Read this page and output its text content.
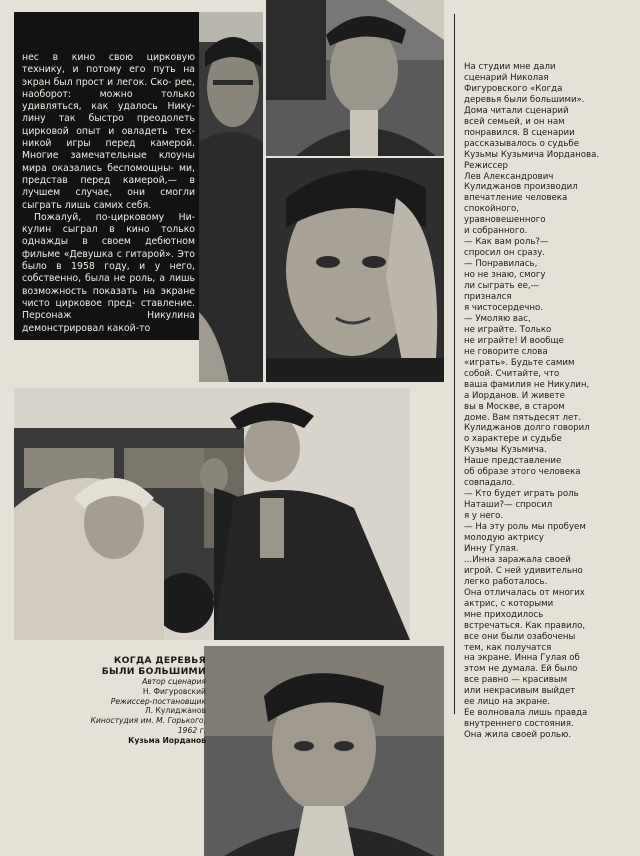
нес в кино свою цирковую технику, и потому его путь на экран был прост и легок. Ско- рее, наоборот: можно только удивляться, как удалось Нику- лину так быстро преодолеть цирковой опыт и овладеть тех- никой игры перед камерой. Многие замечательные клоуны мира оказались беспомощны- ми, представ перед камерой,— в лучшем случае, они смогли сыграть лишь самих себя.

Пожалуй, по-цирковому Ни- кулин сыграл в кино только однажды в своем дебютном фильме «Девушка с гитарой». Это было в 1958 году, и у него, собственно, была не роль, а лишь возможность показать на экране чисто цирковое пред- ставление. Персонаж Никулина демонстрировал какой-то

На студии мне дали
сценарий Николая
Фигуровского «Когда
деревья были большими».
Дома читали сценарий
всей семьей, и он нам
понравился. В сценарии
рассказывалось о судьбе
Кузьмы Кузьмича Иорданова.
Режиссер
Лев Александрович
Кулиджанов производил
впечатление человека
спокойного,
уравновешенного
и собранного.
— Как вам роль?—
спросил он сразу.
— Понравилась,
но не знаю, смогу
ли сыграть ее,—
признался
я чистосердечно.
— Умоляю вас,
не играйте. Только
не играйте! И вообще
не говорите слова
«играть». Будьте самим
собой. Считайте, что
ваша фамилия не Никулин,
а Иорданов. И живете
вы в Москве, в старом
доме. Вам пятьдесят лет.
Кулиджанов долго говорил
о характере и судьбе
Кузьмы Кузьмича.
Наше представление
об образе этого человека
совпадало.
— Кто будет играть роль
Наташи?— спросил
я у него.
— На эту роль мы пробуем
молодую актрису
Инну Гулая.
...Инна заражала своей
игрой. С ней удивительно
легко работалось.
Она отличалась от многих
актрис, с которыми
мне приходилось
встречаться. Как правило,
все они были озабочены
тем, как получатся
на экране. Инна Гулая об
этом не думала. Ей было
все равно — красивым
или некрасивым выйдет
ее лицо на экране.
Ее волновала лишь правда
внутреннего состояния.
Она жила своей ролью.
КОГДА ДЕРЕВЬЯ
БЫЛИ БОЛЬШИМИ
Автор сценария
Н. Фигуровский
Режиссер-постановщик
Л. Кулиджанов
Киностудия им. М. Горького,
1962 г.
Кузьма Иорданов
